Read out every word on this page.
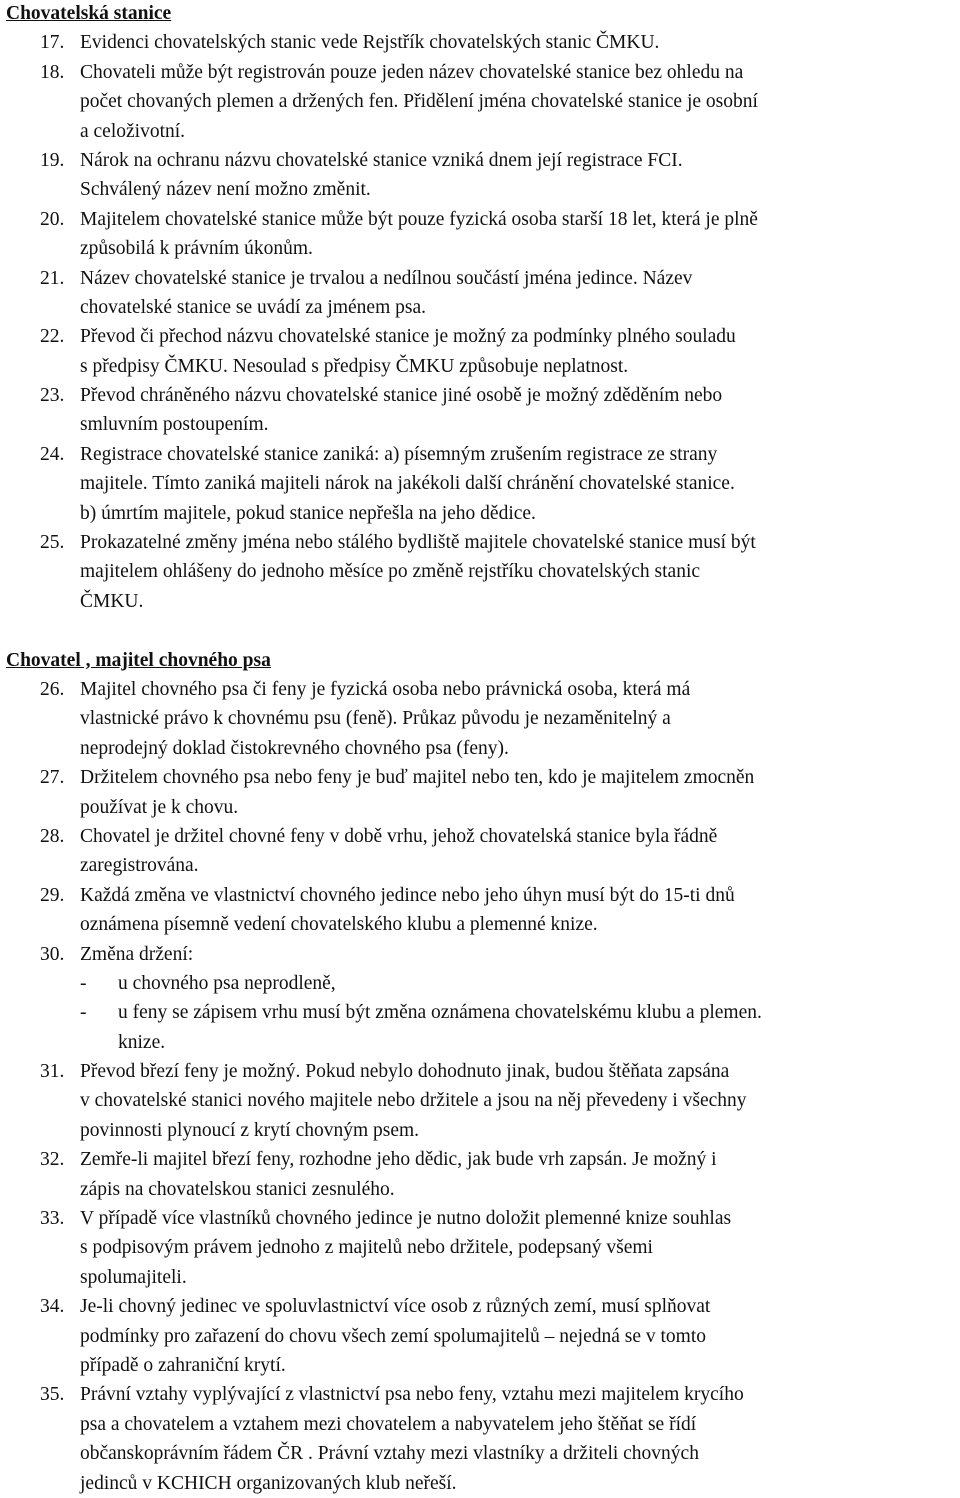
Chovatelská stanice
17. Evidenci chovatelských stanic vede Rejstřík chovatelských stanic ČMKU.
18. Chovateli může být registrován pouze jeden název chovatelské stanice bez ohledu na
počet chovaných plemen a držených fen. Přidělení jména chovatelské stanice je osobní
a celoživotní.
19. Nárok na ochranu názvu chovatelské stanice vzniká dnem její registrace FCI.
Schválený název není možno změnit.
20. Majitelem chovatelské stanice může být pouze fyzická osoba starší 18 let, která je plně
způsobilá k právním úkonům.
21. Název chovatelské stanice je trvalou a nedílnou součástí jména jedince. Název
chovatelské stanice se uvádí za jménem psa.
22. Převod či přechod názvu chovatelské stanice je možný za podmínky plného souladu
s předpisy ČMKU. Nesoulad s předpisy ČMKU způsobuje neplatnost.
23. Převod chráněného názvu chovatelské stanice jiné osobě je možný zděděním nebo
smluvním postoupením.
24. Registrace chovatelské stanice zaniká: a) písemným zrušením registrace ze strany
majitele. Tímto zaniká majiteli nárok na jakékoli další chránění chovatelské stanice.
b) úmrtím majitele, pokud stanice nepřešla na jeho dědice.
25. Prokazatelné změny jména nebo stálého bydliště majitele chovatelské stanice musí být
majitelem ohlášeny do jednoho měsíce po změně rejstříku chovatelských stanic
ČMKU.
Chovatel , majitel chovného psa
26. Majitel chovného psa či feny je fyzická osoba nebo právnická osoba, která má
vlastnické právo k chovnému psu (feně). Průkaz původu je nezaměnitelný a
neprodejný doklad čistokrevného chovného psa (feny).
27. Držitelem chovného psa nebo feny je buď majitel nebo ten, kdo je majitelem zmocněn
používat je k chovu.
28. Chovatel je držitel chovné feny v době vrhu, jehož chovatelská stanice byla řádně
zaregistrována.
29. Každá změna ve vlastnictví chovného jedince nebo jeho úhyn musí být do 15-ti dnů
oznámena písemně vedení chovatelského klubu a plemenné knize.
30. Změna držení:
-	u chovného psa neprodleně,
-	u feny se zápisem vrhu musí být změna oznámena chovatelskému klubu a plemen.
knize.
31. Převod březí feny je možný. Pokud nebylo dohodnuto jinak, budou štěňata zapsána
v chovatelské stanici nového majitele nebo držitele a jsou na něj převedeny i všechny
povinnosti plynoucí z krytí chovným psem.
32. Zemře-li majitel březí feny, rozhodne jeho dědic, jak bude vrh zapsán. Je možný i
zápis na chovatelskou stanici zesnulého.
33. V případě více vlastníků chovného jedince je nutno doložit plemenné knize souhlas
s podpisovým právem jednoho z majitelů nebo držitele, podepsaný všemi
spolumajiteli.
34. Je-li chovný jedinec ve spoluvlastnictví více osob z různých zemí, musí splňovat
podmínky pro zařazení do chovu všech zemí spolumajitelů – nejedná se v tomto
případě o zahraniční krytí.
35. Právní vztahy vyplývající z vlastnictví psa nebo feny, vztahu mezi majitelem krycího
psa a chovatelem a vztahem mezi chovatelem a nabyvatelem jeho štěňat se řídí
občanskoprávním řádem ČR . Právní vztahy mezi vlastníky a držiteli chovných
jedinců v KCHICH organizovaných klub neřeší.
